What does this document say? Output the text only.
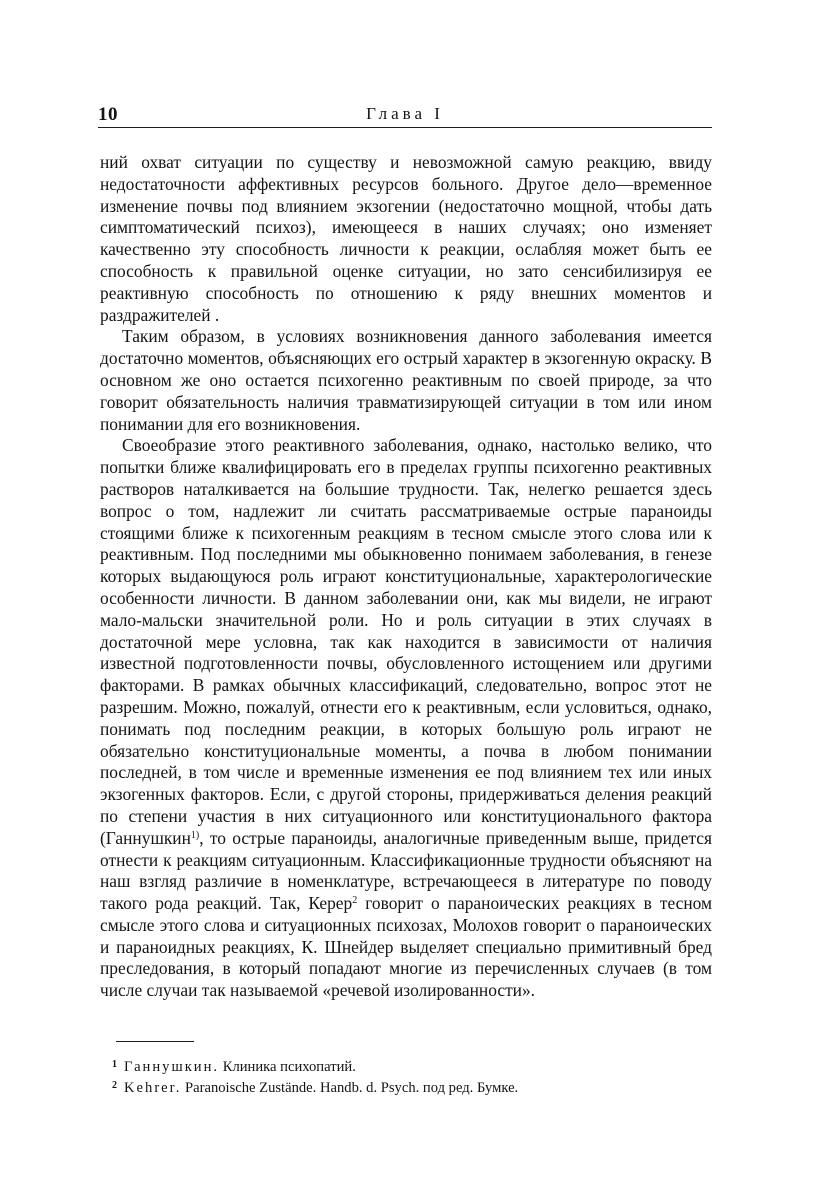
10	Глава I

ний охват ситуации по существу и невозможной самую реакцию, ввиду недостаточности аффективных ресурсов больного. Другое дело—временное изменение почвы под влиянием экзогении (недостаточно мощной, чтобы дать симптоматический психоз), имеющееся в наших случаях; оно изменяет качественно эту способность личности к реакции, ослабляя может быть ее способность к правильной оценке ситуации, но зато сенсибилизируя ее реактивную способность по отношению к ряду внешних моментов и раздражителей .

Таким образом, в условиях возникновения данного заболевания имеется достаточно моментов, объясняющих его острый характер в экзогенную окраску. В основном же оно остается психогенно реактивным по своей природе, за что говорит обязательность наличия травматизирующей ситуации в том или ином понимании для его возникновения.

Своеобразие этого реактивного заболевания, однако, настолько велико, что попытки ближе квалифицировать его в пределах группы психогенно реактивных растворов наталкивается на большие трудности. Так, нелегко решается здесь вопрос о том, надлежит ли считать рассматриваемые острые параноиды стоящими ближе к психогенным реакциям в тесном смысле этого слова или к реактивным. Под последними мы обыкновенно понимаем заболевания, в генезе которых выдающуюся роль играют конституциональные, характерологические особенности личности. В данном заболевании они, как мы видели, не играют мало-мальски значительной роли. Но и роль ситуации в этих случаях в достаточной мере условна, так как находится в зависимости от наличия известной подготовленности почвы, обусловленного истощением или другими факторами. В рамках обычных классификаций, следовательно, вопрос этот не разрешим. Можно, пожалуй, отнести его к реактивным, если условиться, однако, понимать под последним реакции, в которых большую роль играют не обязательно конституциональные моменты, а почва в любом понимании последней, в том числе и временные изменения ее под влиянием тех или иных экзогенных факторов. Если, с другой стороны, придерживаться деления реакций по степени участия в них ситуационного или конституционального фактора (Ганнушкин$^{1)}$, то острые параноиды, аналогичные приведенным выше, придется отнести к реакциям ситуационным. Классификационные трудности объясняют на наш взгляд различие в номенклатуре, встречающееся в литературе по поводу такого рода реакций. Так, Керер$^2$ говорит о параноических реакциях в тесном смысле этого слова и ситуационных психозах, Молохов говорит о параноических и параноидных реакциях, К. Шнейдер выделяет специально примитивный бред преследования, в который попадают многие из перечисленных случаев (в том числе случаи так называемой «речевой изолированности».

1 Ганнушкин. Клиника психопатий.
2 Kehrer. Paranoische Zustände. Handb. d. Psych. под ред. Бумке.
